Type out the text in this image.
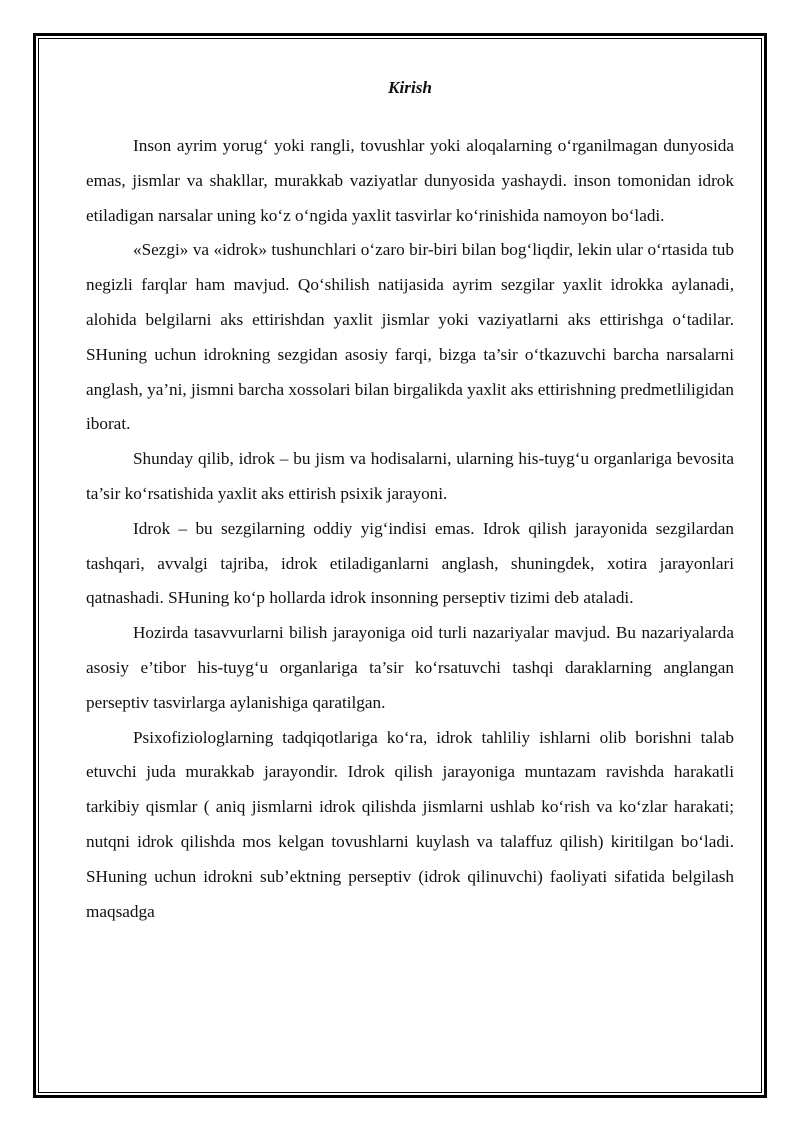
Kirish

Inson ayrim yorug‘ yoki rangli, tovushlar yoki aloqalarning o‘rganilmagan dunyosida emas, jismlar va shakllar, murakkab vaziyatlar dunyosida yashaydi. inson tomonidan idrok etiladigan narsalar uning ko‘z o‘ngida yaxlit tasvirlar ko‘rinishida namoyon bo‘ladi.

«Sezgi» va «idrok» tushunchlari o‘zaro bir-biri bilan bog‘liqdir, lekin ular o‘rtasida tub negizli farqlar ham mavjud. Qo‘shilish natijasida ayrim sezgilar yaxlit idrokka aylanadi, alohida belgilarni aks ettirishdan yaxlit jismlar yoki vaziyatlarni aks ettirishga o‘tadilar. SHuning uchun idrokning sezgidan asosiy farqi, bizga ta’sir o‘tkazuvchi barcha narsalarni anglash, ya’ni, jismni barcha xossolari bilan birgalikda yaxlit aks ettirishning predmetliligidan iborat.

Shunday qilib, idrok – bu jism va hodisalarni, ularning his-tuyg‘u organlariga bevosita ta’sir ko‘rsatishida yaxlit aks ettirish psixik jarayoni.

Idrok – bu sezgilarning oddiy yig‘indisi emas. Idrok qilish jarayonida sezgilardan tashqari, avvalgi tajriba, idrok etiladiganlarni anglash, shuningdek, xotira jarayonlari qatnashadi. SHuning ko‘p hollarda idrok insonning perseptiv tizimi deb ataladi.

Hozirda tasavvurlarni bilish jarayoniga oid turli nazariyalar mavjud. Bu nazariyalarda asosiy e’tibor his-tuyg‘u organlariga ta’sir ko‘rsatuvchi tashqi daraklarning anglangan perseptiv tasvirlarga aylanishiga qaratilgan.

Psixofiziologlarning tadqiqotlariga ko‘ra, idrok tahliliy ishlarni olib borishni talab etuvchi juda murakkab jarayondir. Idrok qilish jarayoniga muntazam ravishda harakatli tarkibiy qismlar ( aniq jismlarni idrok qilishda jismlarni ushlab ko‘rish va ko‘zlar harakati; nutqni idrok qilishda mos kelgan tovushlarni kuylash va talaffuz qilish) kiritilgan bo‘ladi. SHuning uchun idrokni sub’ektning perseptiv (idrok qilinuvchi) faoliyati sifatida belgilash maqsadga
